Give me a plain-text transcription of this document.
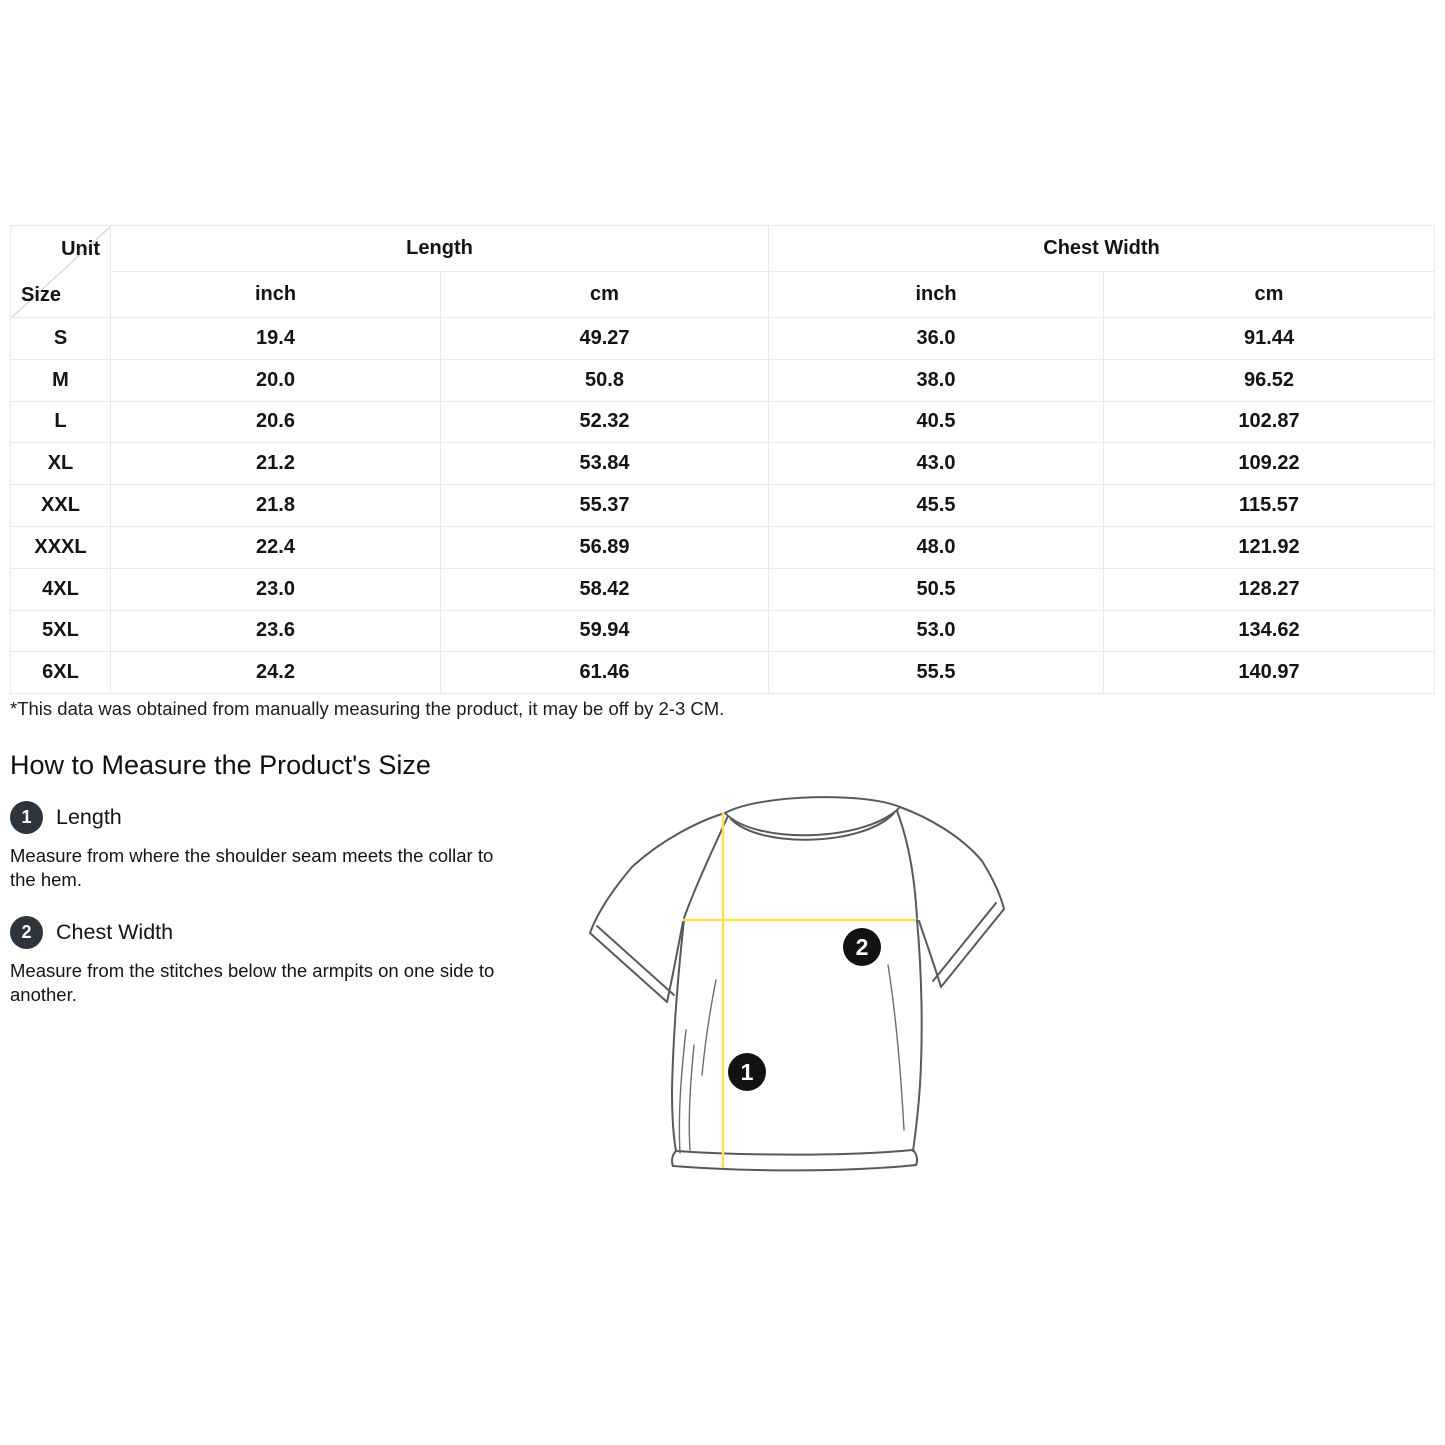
Unit
Size	Length		Chest Width	
	inch	cm	inch	cm
S	19.4	49.27	36.0	91.44
M	20.0	50.8	38.0	96.52
L	20.6	52.32	40.5	102.87
XL	21.2	53.84	43.0	109.22
XXL	21.8	55.37	45.5	115.57
XXXL	22.4	56.89	48.0	121.92
4XL	23.0	58.42	50.5	128.27
5XL	23.6	59.94	53.0	134.62
6XL	24.2	61.46	55.5	140.97
*This data was obtained from manually measuring the product, it may be off by 2-3 CM.
How to Measure the Product's Size
1	Length

Measure from where the shoulder seam meets the collar to the hem.

2	Chest Width

Measure from the stitches below the armpits on one side to another.

1
2
